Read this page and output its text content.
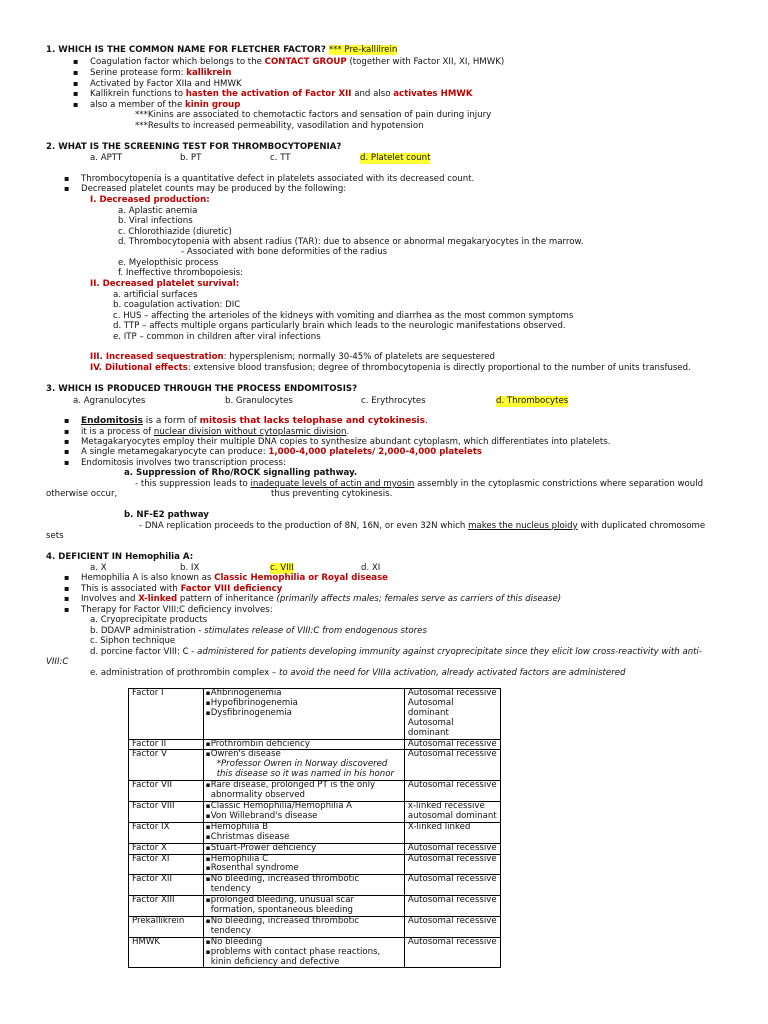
1. WHICH IS THE COMMON NAME FOR FLETCHER FACTOR? *** Pre-kallilrein
▪ Coagulation factor which belongs to the CONTACT GROUP (together with Factor XII, XI, HMWK)
▪ Serine protease form: kallikrein
▪ Activated by Factor XIIa and HMWK
▪ Kallikrein functions to hasten the activation of Factor XII and also activates HMWK
▪ also a member of the kinin group
***Kinins are associated to chemotactic factors and sensation of pain during injury
***Results to increased permeability, vasodilation and hypotension
2. WHAT IS THE SCREENING TEST FOR THROMBOCYTOPENIA?
a. APTT	b. PT	c. TT	d. Platelet count
▪ Thrombocytopenia is a quantitative defect in platelets associated with its decreased count.
▪ Decreased platelet counts may be produced by the following:
I. Decreased production:
a. Aplastic anemia
b. Viral infections
c. Chlorothiazide (diuretic)
d. Thrombocytopenia with absent radius (TAR): due to absence or abnormal megakaryocytes in the marrow.
- Associated with bone deformities of the radius
e. Myelopthisic process
f. Ineffective thrombopoiesis:
II. Decreased platelet survival:
a. artificial surfaces
b. coagulation activation: DIC
c. HUS – affecting the arterioles of the kidneys with vomiting and diarrhea as the most common symptoms
d. TTP – affects multiple organs particularly brain which leads to the neurologic manifestations observed.
e. ITP – common in children after viral infections
III. Increased sequestration: hypersplenism; normally 30-45% of platelets are sequestered
IV. Dilutional effects: extensive blood transfusion; degree of thrombocytopenia is directly proportional to the number of units transfused.
3. WHICH IS PRODUCED THROUGH THE PROCESS ENDOMITOSIS?
a. Agranulocytes	b. Granulocytes	c. Erythrocytes	d. Thrombocytes
▪ Endomitosis is a form of mitosis that lacks telophase and cytokinesis.
▪ it is a process of nuclear division without cytoplasmic division.
▪ Metagakaryocytes employ their multiple DNA copies to synthesize abundant cytoplasm, which differentiates into platelets.
▪ A single metamegakaryocyte can produce: 1,000-4,000 platelets/ 2,000-4,000 platelets
▪ Endomitosis involves two transcription process:
a. Suppression of Rho/ROCK signalling pathway.
- this suppression leads to inadequate levels of actin and myosin assembly in the cytoplasmic constrictions where separation would
otherwise occur,	thus preventing cytokinesis.
b. NF-E2 pathway
- DNA replication proceeds to the production of 8N, 16N, or even 32N which makes the nucleus ploidy with duplicated chromosome
sets
4. DEFICIENT IN Hemophilia A:
a. X	b. IX	c. VIII	d. XI
▪ Hemophilia A is also known as Classic Hemophilia or Royal disease
▪ This is associated with Factor VIII deficiency
▪ Involves and X-linked pattern of inheritance (primarily affects males; females serve as carriers of this disease)
▪ Therapy for Factor VIII:C deficiency involves:
a. Cryoprecipitate products
b. DDAVP administration - stimulates release of VIII:C from endogenous stores
c. Siphon technique
d. porcine factor VIII: C - administered for patients developing immunity against cryoprecipitate since they elicit low cross-reactivity with anti-
VIII:C
e. administration of prothrombin complex – to avoid the need for VIIIa activation, already activated factors are administered
Factor I	▪ Afibrinogenemia
▪ Hypofibrinogenemia
▪ Dysfibrinogenemia	Autosomal recessive
Autosomal dominant
Autosomal dominant

Factor II	▪ Prothrombin deficiency	Autosomal recessive

Factor V	▪ Owren's disease
*Professor Owren in Norway discovered this disease so it was named in his honor	Autosomal recessive

Factor VII	▪ Rare disease, prolonged PT is the only abnormality observed	Autosomal recessive

Factor VIII	▪ Classic Hemophilia/Hemophilia A
▪ Von Willebrand's disease	x-linked recessive
autosomal dominant

Factor IX	▪ Hemophilia B
▪ Christmas disease	X-linked linked

Factor X	▪ Stuart-Prower deficiency	Autosomal recessive

Factor XI	▪ Hemophilia C
▪ Rosenthal syndrome	Autosomal recessive

Factor XII	▪ No bleeding, increased thrombotic tendency	Autosomal recessive

Factor XIII	▪ prolonged bleeding, unusual scar formation, spontaneous bleeding	Autosomal recessive

Prekallikrein	▪ No bleeding, increased thrombotic tendency	Autosomal recessive

HMWK	▪ No bleeding
▪ problems with contact phase reactions, kinin deficiency and defective	Autosomal recessive
